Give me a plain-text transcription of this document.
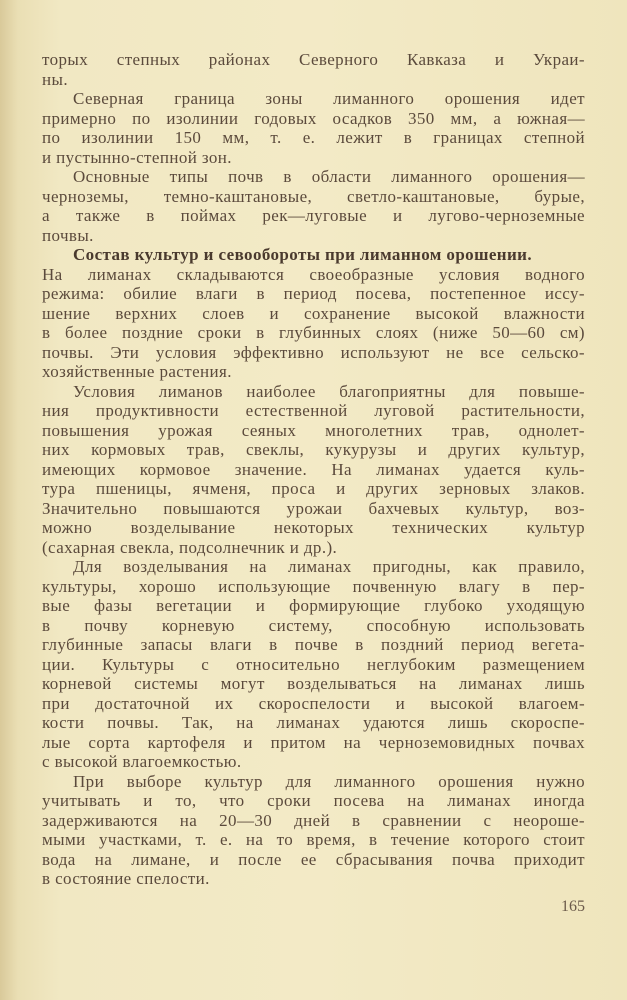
торых степных районах Северного Кавказа и Украи-
ны.
Северная граница зоны лиманного орошения идет
примерно по изолинии годовых осадков 350 мм, а южная—
по изолинии 150 мм, т. е. лежит в границах степной
и пустынно-степной зон.
Основные типы почв в области лиманного орошения—
черноземы, темно-каштановые, светло-каштановые, бурые,
а также в поймах рек—луговые и лугово-черноземные
почвы.
Состав культур и севообороты при лиманном орошении.
На лиманах складываются своеобразные условия водного
режима: обилие влаги в период посева, постепенное иссу-
шение верхних слоев и сохранение высокой влажности
в более поздние сроки в глубинных слоях (ниже 50—60 см)
почвы. Эти условия эффективно используют не все сельско-
хозяйственные растения.
Условия лиманов наиболее благоприятны для повыше-
ния продуктивности естественной луговой растительности,
повышения урожая сеяных многолетних трав, однолет-
них кормовых трав, свеклы, кукурузы и других культур,
имеющих кормовое значение. На лиманах удается куль-
тура пшеницы, ячменя, проса и других зерновых злаков.
Значительно повышаются урожаи бахчевых культур, воз-
можно возделывание некоторых технических культур
(сахарная свекла, подсолнечник и др.).
Для возделывания на лиманах пригодны, как правило,
культуры, хорошо использующие почвенную влагу в пер-
вые фазы вегетации и формирующие глубоко уходящую
в почву корневую систему, способную использовать
глубинные запасы влаги в почве в поздний период вегета-
ции. Культуры с относительно неглубоким размещением
корневой системы могут возделываться на лиманах лишь
при достаточной их скороспелости и высокой влагоем-
кости почвы. Так, на лиманах удаются лишь скороспе-
лые сорта картофеля и притом на черноземовидных почвах
с высокой влагоемкостью.
При выборе культур для лиманного орошения нужно
учитывать и то, что сроки посева на лиманах иногда
задерживаются на 20—30 дней в сравнении с неороше-
мыми участками, т. е. на то время, в течение которого стоит
вода на лимане, и после ее сбрасывания почва приходит
в состояние спелости.
165
